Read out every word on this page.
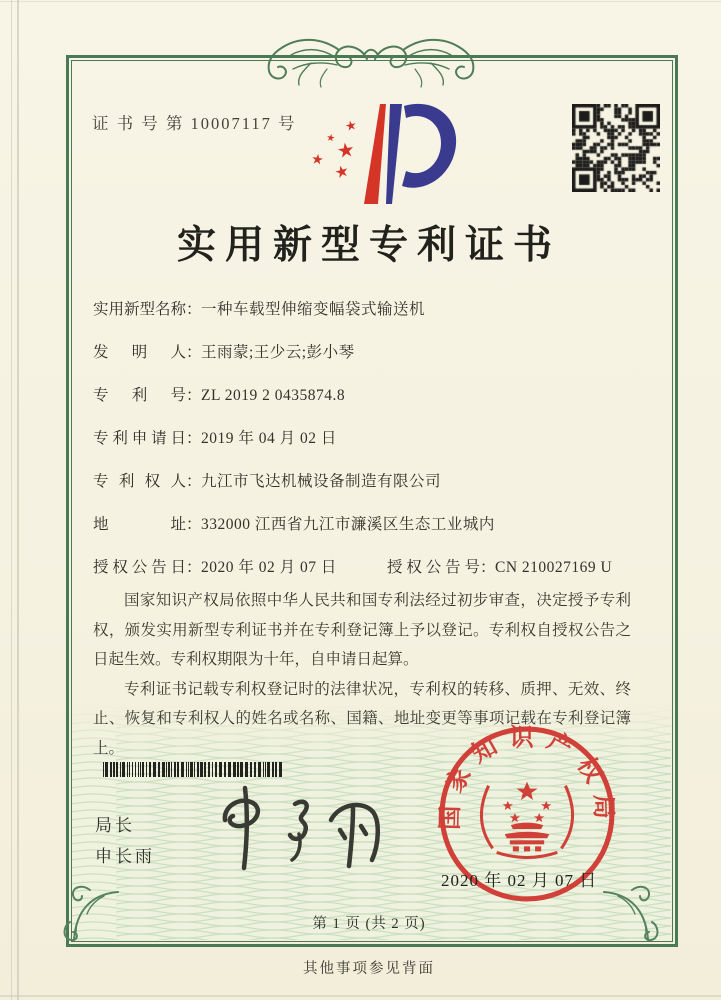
证 书 号 第 10007117 号	★
★
★
★
★
实用新型专利证书
实用新型名称：一种车载型伸缩变幅袋式输送机
发明人：王雨蒙;王少云;彭小琴
专利号：ZL 2019 2 0435874.8
专利申请日：2019 年 04 月 02 日
专利权人：九江市飞达机械设备制造有限公司
地址：332000 江西省九江市濂溪区生态工业城内
授权公告日：2020 年 02 月 07 日	授权公告号：CN 210027169 U

国家知识产权局依照中华人民共和国专利法经过初步审查，决定授予专利权，颁发实用新型专利证书并在专利登记簿上予以登记。专利权自授权公告之日起生效。专利权期限为十年，自申请日起算。

专利证书记载专利权登记时的法律状况，专利权的转移、质押、无效、终止、恢复和专利权人的姓名或名称、国籍、地址变更等事项记载在专利登记簿上。

局长
申长雨
国家知识产权局
2020 年 02 月 07 日
第 1 页 (共 2 页)
其他事项参见背面
